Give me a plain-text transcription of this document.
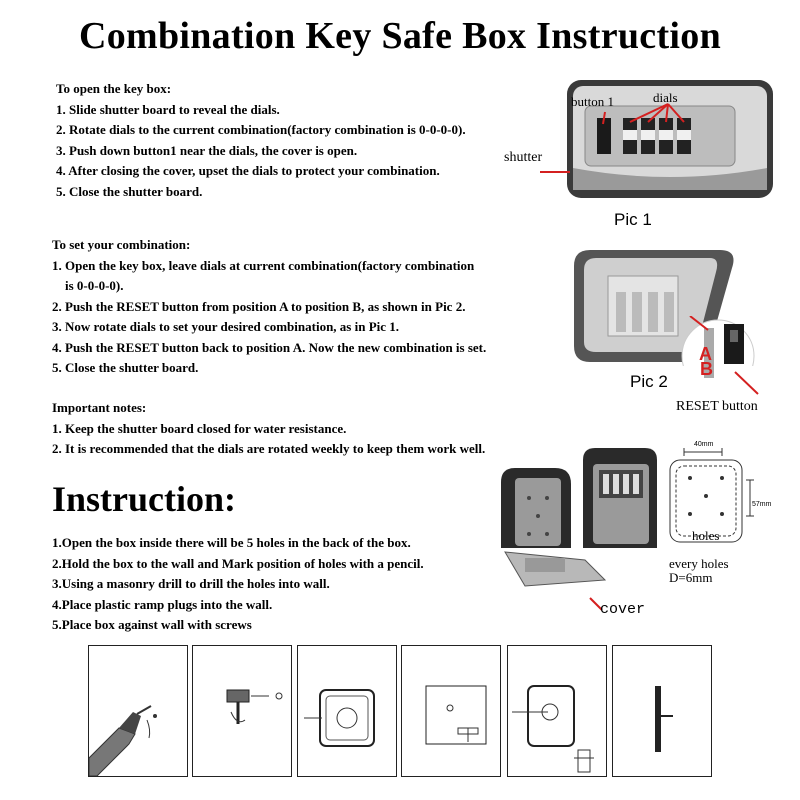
Combination Key Safe Box Instruction
To open the key box:
1. Slide shutter board to reveal the dials.
2. Rotate dials to the current combination(factory combination is 0-0-0-0).
3. Push down button1 near the dials, the cover is open.
4. After closing the cover, upset the dials to protect your combination.
5. Close the shutter board.
To set your combination:
1. Open the key box, leave dials at current combination(factory combination
is 0-0-0-0).
2. Push the RESET button from position A to position B, as shown in Pic 2.
3. Now rotate dials to set your desired combination, as in Pic 1.
4. Push the RESET button back to position A. Now the new combination is set.
5. Close the shutter board.
Important notes:
1. Keep the shutter board closed for water resistance.
2. It is recommended that the dials are rotated weekly to keep them work well.
Instruction:
1.Open the box inside there will be 5 holes in the back of the box.
2.Hold the box to the wall and Mark position of holes with a pencil.
3.Using a masonry drill to drill the holes into wall.
4.Place plastic ramp plugs into the wall.
5.Place box against wall with screws
button 1	dials
shutter
Pic 1
A
B
Pic 2
RESET button
cover
40mm
57mm
holes
every holes
D=6mm
